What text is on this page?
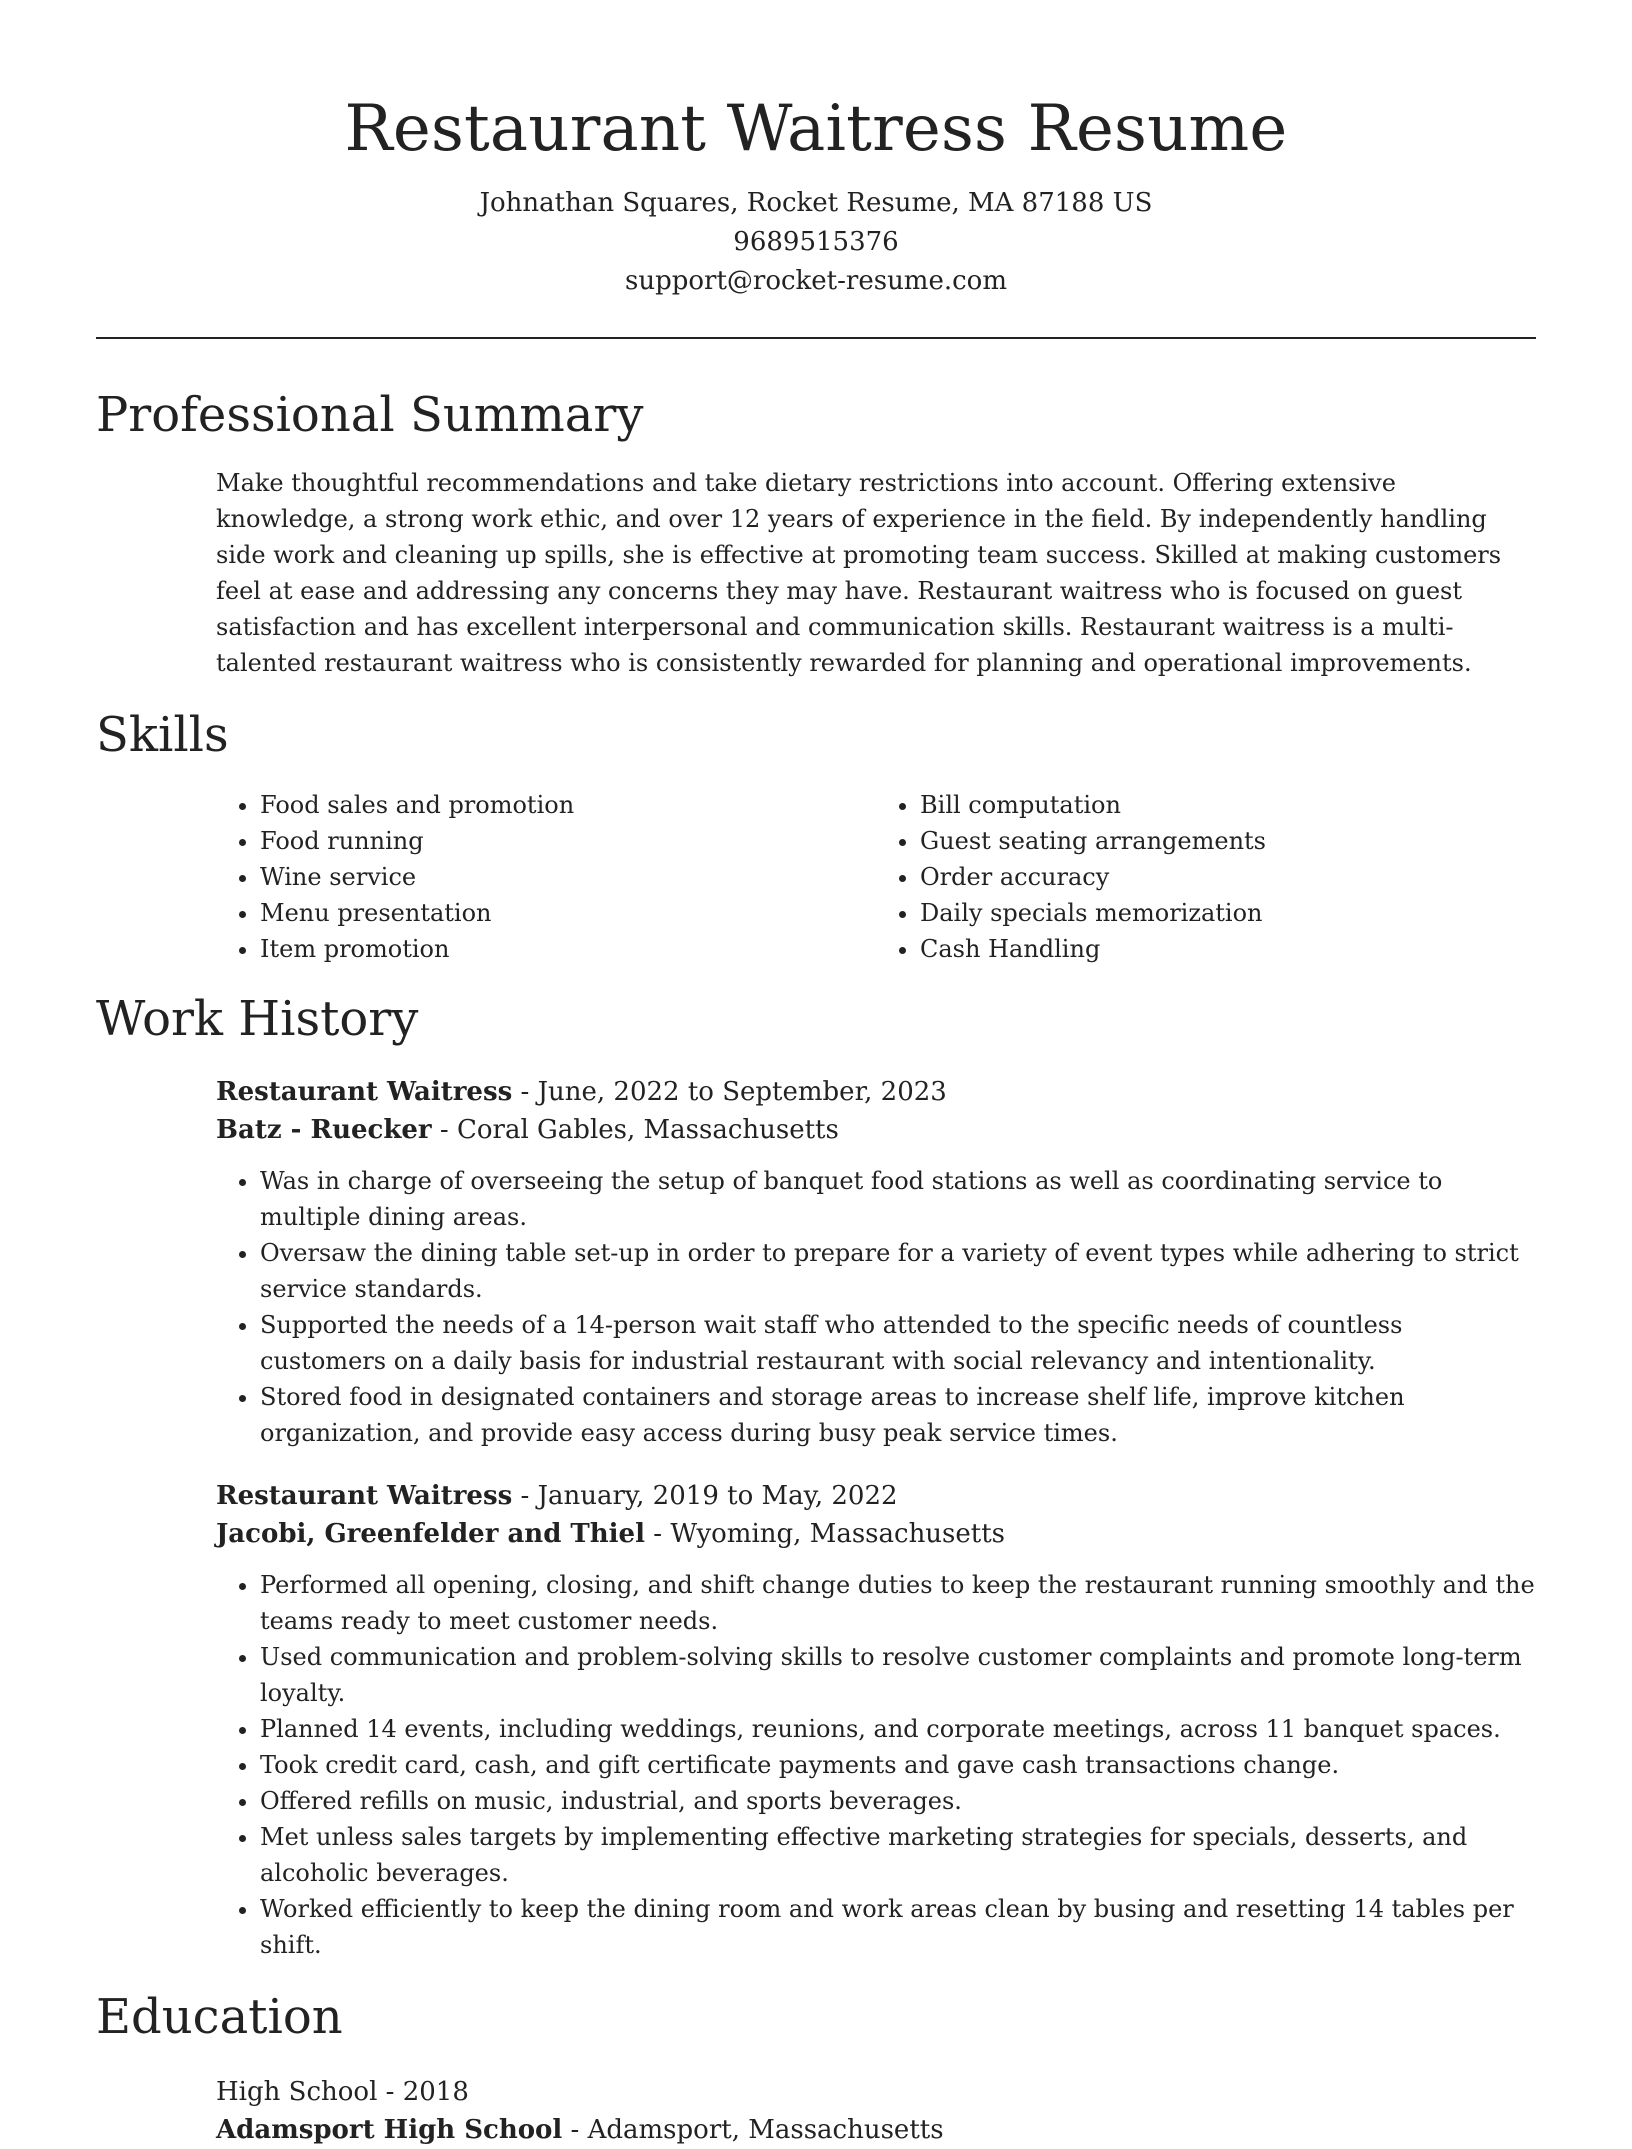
Restaurant Waitress Resume
Johnathan Squares, Rocket Resume, MA 87188 US
9689515376
support@rocket-resume.com
Professional Summary

Make thoughtful recommendations and take dietary restrictions into account. Offering extensive knowledge, a strong work ethic, and over 12 years of experience in the field. By independently handling side work and cleaning up spills, she is effective at promoting team success. Skilled at making customers feel at ease and addressing any concerns they may have. Restaurant waitress who is focused on guest satisfaction and has excellent interpersonal and communication skills. Restaurant waitress is a multi-talented restaurant waitress who is consistently rewarded for planning and operational improvements.

Skills
• Food sales and promotion
• Food running
• Wine service
• Menu presentation
• Item promotion
• Bill computation
• Guest seating arrangements
• Order accuracy
• Daily specials memorization
• Cash Handling
Work History
Restaurant Waitress - June, 2022 to September, 2023
Batz - Ruecker - Coral Gables, Massachusetts
• Was in charge of overseeing the setup of banquet food stations as well as coordinating service to multiple dining areas.
• Oversaw the dining table set-up in order to prepare for a variety of event types while adhering to strict service standards.
• Supported the needs of a 14-person wait staff who attended to the specific needs of countless customers on a daily basis for industrial restaurant with social relevancy and intentionality.
• Stored food in designated containers and storage areas to increase shelf life, improve kitchen organization, and provide easy access during busy peak service times.
Restaurant Waitress - January, 2019 to May, 2022
Jacobi, Greenfelder and Thiel - Wyoming, Massachusetts
• Performed all opening, closing, and shift change duties to keep the restaurant running smoothly and the teams ready to meet customer needs.
• Used communication and problem-solving skills to resolve customer complaints and promote long-term loyalty.
• Planned 14 events, including weddings, reunions, and corporate meetings, across 11 banquet spaces.
• Took credit card, cash, and gift certificate payments and gave cash transactions change.
• Offered refills on music, industrial, and sports beverages.
• Met unless sales targets by implementing effective marketing strategies for specials, desserts, and alcoholic beverages.
• Worked efficiently to keep the dining room and work areas clean by busing and resetting 14 tables per shift.
Education
High School - 2018
Adamsport High School - Adamsport, Massachusetts
